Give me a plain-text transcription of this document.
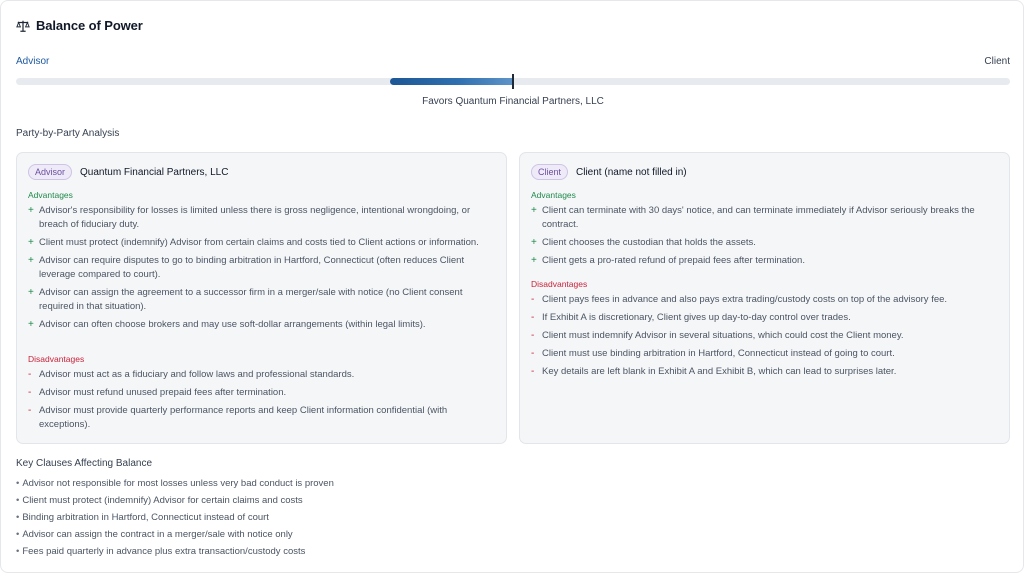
Balance of Power
Advisor	Client
Favors Quantum Financial Partners, LLC
Party-by-Party Analysis
Advisor	Quantum Financial Partners, LLC
Advantages
+ Advisor's responsibility for losses is limited unless there is gross negligence, intentional wrongdoing, or breach of fiduciary duty.
+ Client must protect (indemnify) Advisor from certain claims and costs tied to Client actions or information.
+ Advisor can require disputes to go to binding arbitration in Hartford, Connecticut (often reduces Client leverage compared to court).
+ Advisor can assign the agreement to a successor firm in a merger/sale with notice (no Client consent required in that situation).
+ Advisor can often choose brokers and may use soft-dollar arrangements (within legal limits).
Disadvantages
- Advisor must act as a fiduciary and follow laws and professional standards.
- Advisor must refund unused prepaid fees after termination.
- Advisor must provide quarterly performance reports and keep Client information confidential (with exceptions).
Client	Client (name not filled in)
Advantages
+ Client can terminate with 30 days' notice, and can terminate immediately if Advisor seriously breaks the contract.
+ Client chooses the custodian that holds the assets.
+ Client gets a pro-rated refund of prepaid fees after termination.
Disadvantages
- Client pays fees in advance and also pays extra trading/custody costs on top of the advisory fee.
- If Exhibit A is discretionary, Client gives up day-to-day control over trades.
- Client must indemnify Advisor in several situations, which could cost the Client money.
- Client must use binding arbitration in Hartford, Connecticut instead of going to court.
- Key details are left blank in Exhibit A and Exhibit B, which can lead to surprises later.
Key Clauses Affecting Balance
• Advisor not responsible for most losses unless very bad conduct is proven
• Client must protect (indemnify) Advisor for certain claims and costs
• Binding arbitration in Hartford, Connecticut instead of court
• Advisor can assign the contract in a merger/sale with notice only
• Fees paid quarterly in advance plus extra transaction/custody costs
